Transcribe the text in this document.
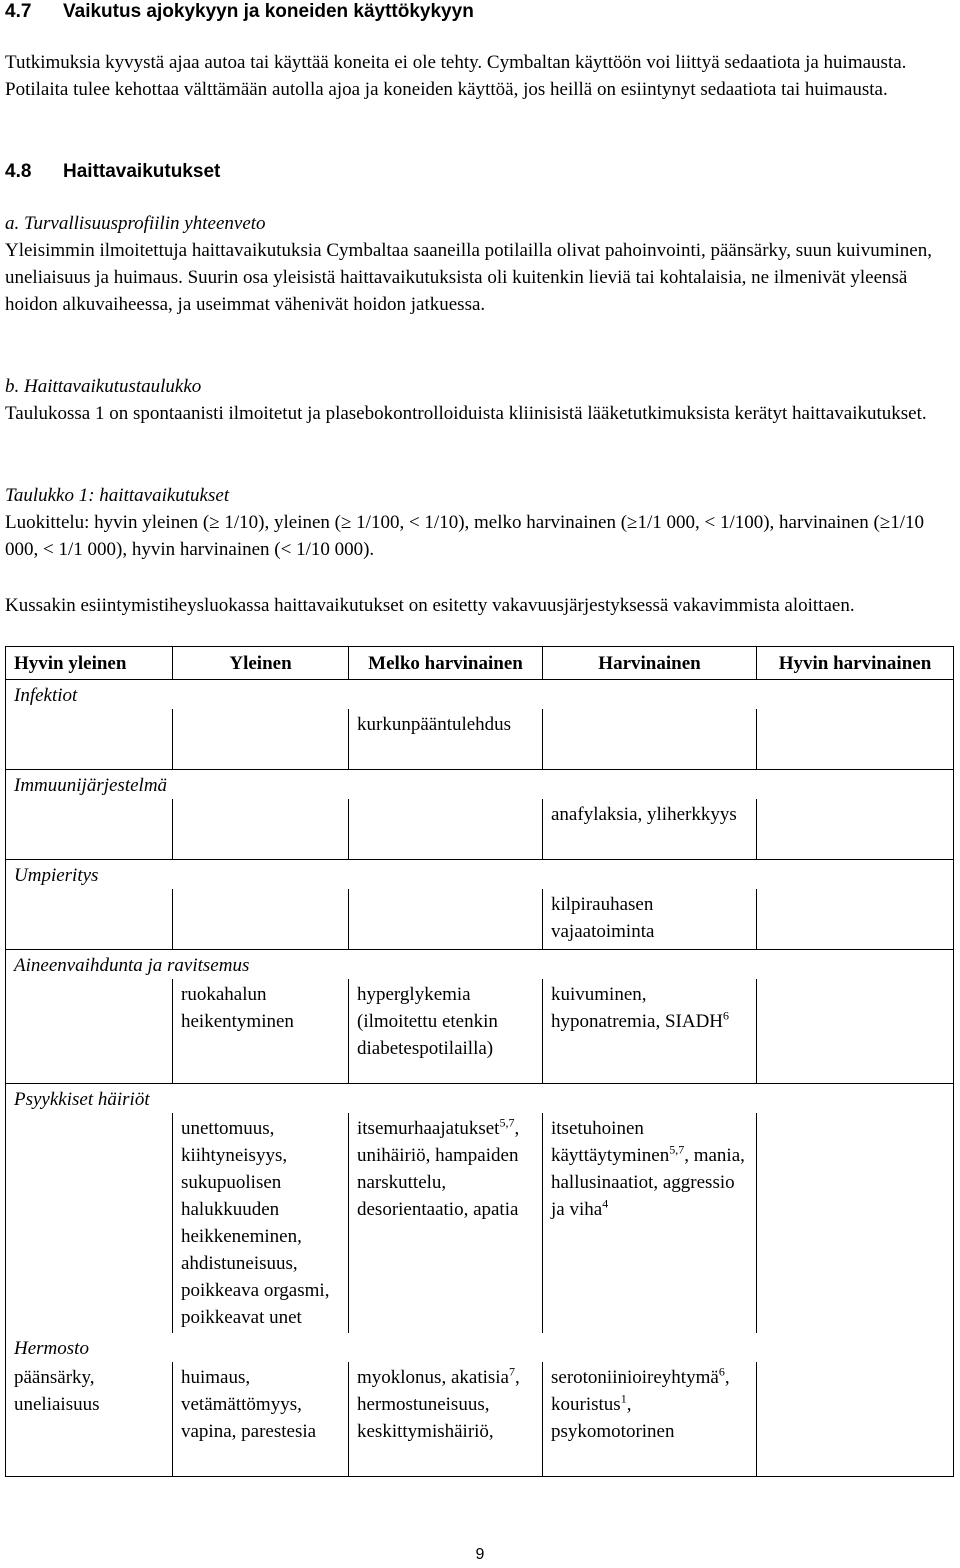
4.7 Vaikutus ajokykyyn ja koneiden käyttökykyyn

Tutkimuksia kyvystä ajaa autoa tai käyttää koneita ei ole tehty. Cymbaltan käyttöön voi liittyä sedaatiota ja huimausta. Potilaita tulee kehottaa välttämään autolla ajoa ja koneiden käyttöä, jos heillä on esiintynyt sedaatiota tai huimausta.

4.8 Haittavaikutukset

a. Turvallisuusprofiilin yhteenveto
Yleisimmin ilmoitettuja haittavaikutuksia Cymbaltaa saaneilla potilailla olivat pahoinvointi, päänsärky, suun kuivuminen, uneliaisuus ja huimaus. Suurin osa yleisistä haittavaikutuksista oli kuitenkin lieviä tai kohtalaisia, ne ilmenivät yleensä hoidon alkuvaiheessa, ja useimmat vähenivät hoidon jatkuessa.

b. Haittavaikutustaulukko
Taulukossa 1 on spontaanisti ilmoitetut ja plasebokontrolloiduista kliinisistä lääketutkimuksista kerätyt haittavaikutukset.

Taulukko 1: haittavaikutukset
Luokittelu: hyvin yleinen (≥ 1/10), yleinen (≥ 1/100, < 1/10), melko harvinainen (≥1/1 000, < 1/100), harvinainen (≥1/10 000, < 1/1 000), hyvin harvinainen (< 1/10 000).

Kussakin esiintymistiheysluokassa haittavaikutukset on esitetty vakavuusjärjestyksessä vakavimmista aloittaen.

Hyvin yleinen	Yleinen	Melko harvinainen	Harvinainen	Hyvin harvinainen
Infektiot				
		kurkunpääntulehdus		
Immuunijärjestelmä				
			anafylaksia, yliherkkyys	
Umpieritys				
			kilpirauhasen vajaatoiminta	
Aineenvaihdunta ja ravitsemus				
	ruokahalun heikentyminen	hyperglykemia (ilmoitettu etenkin diabetespotilailla)	kuivuminen, hyponatremia, SIADH$^6$	
Psyykkiset häiriöt				
	unettomuus, kiihtyneisyys, sukupuolisen halukkuuden heikkeneminen, ahdistuneisuus, poikkeava orgasmi, poikkeavat unet	itsemurhaajatukset$^{5,7}$, unihäiriö, hampaiden narskuttelu, desorientaatio, apatia	itsetuhoinen käyttäytyminen$^{5,7}$, mania, hallusinaatiot, aggressio ja viha$^4$	
Hermosto				
päänsärky, uneliaisuus	huimaus, vetämättömyys, vapina, parestesia	myoklonus, akatisia$^7$, hermostuneisuus, keskittymishäiriö,	serotoniinioireyhtymä$^6$, kouristus$^1$, psykomotorinen	
9
